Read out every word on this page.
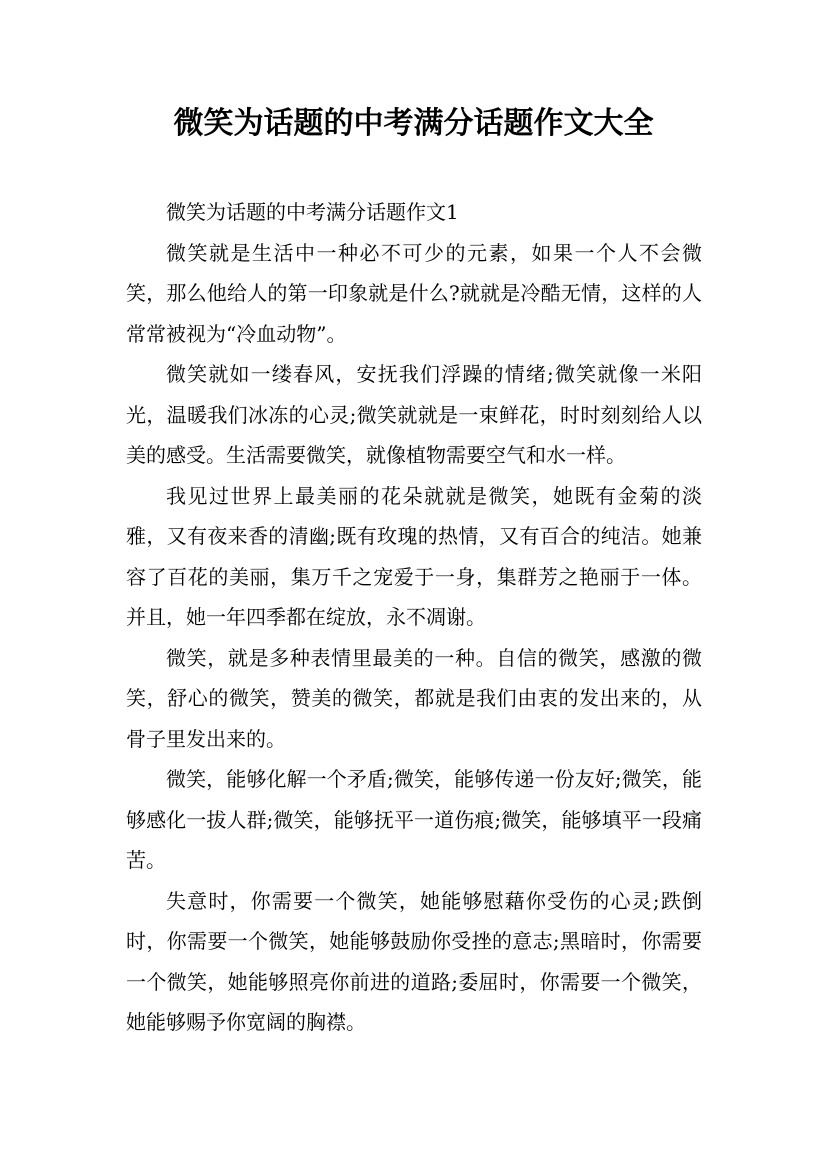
微笑为话题的中考满分话题作文大全

微笑为话题的中考满分话题作文1

微笑就是生活中一种必不可少的元素，如果一个人不会微笑，那么他给人的第一印象就是什么?就就是冷酷无情，这样的人常常被视为“冷血动物”。

微笑就如一缕春风，安抚我们浮躁的情绪;微笑就像一米阳光，温暖我们冰冻的心灵;微笑就就是一束鲜花，时时刻刻给人以美的感受。生活需要微笑，就像植物需要空气和水一样。

我见过世界上最美丽的花朵就就是微笑，她既有金菊的淡雅，又有夜来香的清幽;既有玫瑰的热情，又有百合的纯洁。她兼容了百花的美丽，集万千之宠爱于一身，集群芳之艳丽于一体。并且，她一年四季都在绽放，永不凋谢。

微笑，就是多种表情里最美的一种。自信的微笑，感激的微笑，舒心的微笑，赞美的微笑，都就是我们由衷的发出来的，从骨子里发出来的。

微笑，能够化解一个矛盾;微笑，能够传递一份友好;微笑，能够感化一拔人群;微笑，能够抚平一道伤痕;微笑，能够填平一段痛苦。

失意时，你需要一个微笑，她能够慰藉你受伤的心灵;跌倒时，你需要一个微笑，她能够鼓励你受挫的意志;黑暗时，你需要一个微笑，她能够照亮你前进的道路;委屈时，你需要一个微笑，她能够赐予你宽阔的胸襟。
